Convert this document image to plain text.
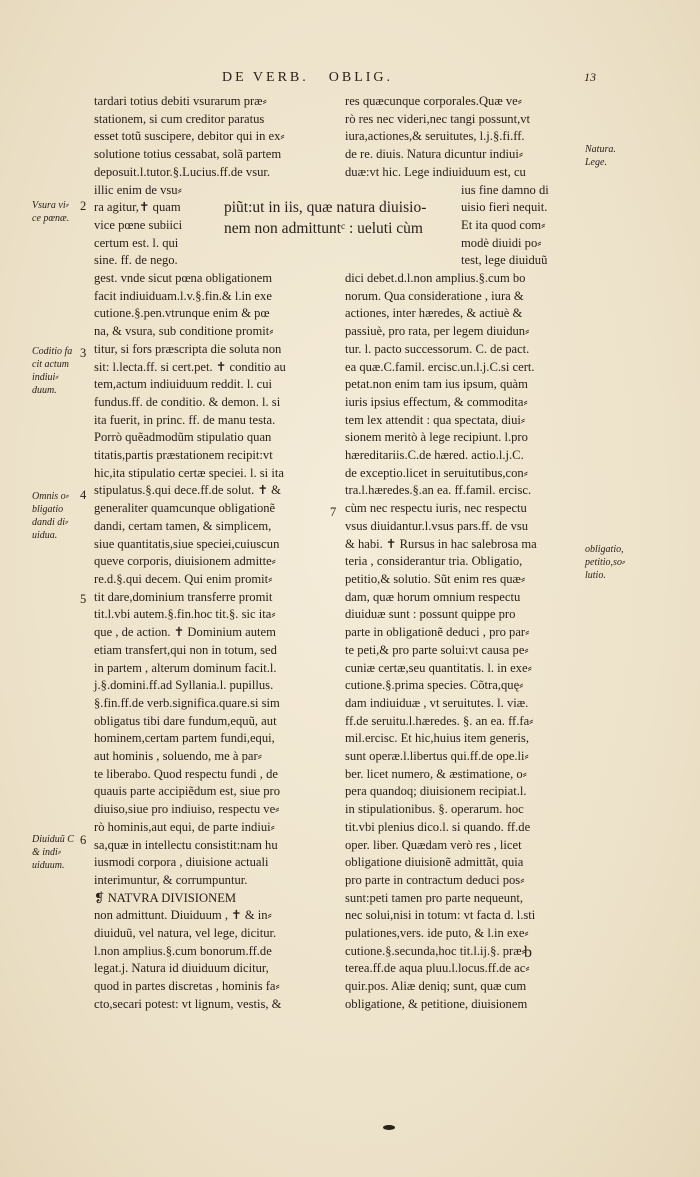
DE VERB. OBLIG.	13
tardari totius debiti vsurarum præ⸗
stationem, si cum creditor paratus
esset totũ suscipere, debitor qui in ex⸗
solutione totius cessabat, solã partem
deposuit.l.tutor.§.Lucius.ff.de vsur.
illic enim de vsu⸗
ra agitur,✝ quam
vice pœne subiici
certum est. l. qui
sine. ff. de nego.
gest. vnde sicut pœna obligationem
facit indiuiduam.l.v.§.fin.& l.in exe
cutione.§.pen.vtrunque enim & pœ
na, & vsura, sub conditione promit⸗
titur, si fors præscripta die soluta non
sit: l.lecta.ff. si cert.pet. ✝ conditio au
tem,actum indiuiduum reddit. l. cui
fundus.ff. de conditio. & demon. l. si
ita fuerit, in princ. ff. de manu testa.
Porrò quẽadmodũm stipulatio quan
titatis,partis præstationem recipit:vt
hic,ita stipulatio certæ speciei. l. si ita
stipulatus.§.qui dece.ff.de solut. ✝ &
generaliter quamcunque obligationẽ
dandi, certam tamen, & simplicem,
siue quantitatis,siue speciei,cuiuscun
queve corporis, diuisionem admitte⸗
re.d.§.qui decem. Qui enim promit⸗
tit dare,dominium transferre promit
tit.l.vbi autem.§.fin.hoc tit.§. sic ita⸗
que , de action. ✝ Dominium autem
etiam transfert,qui non in totum, sed
in partem , alterum dominum facit.l.
j.§.domini.ff.ad Syllania.l. pupillus.
§.fin.ff.de verb.significa.quare.si sim
obligatus tibi dare fundum,equũ, aut
hominem,certam partem fundi,equi,
aut hominis , soluendo, me à par⸗
te liberabo. Quod respectu fundi , de
quauis parte accipiẽdum est, siue pro
diuiso,siue pro indiuiso, respectu ve⸗
rò hominis,aut equi, de parte indiui⸗
sa,quæ in intellectu consistit:nam hu
iusmodi corpora , diuisione actuali
interimuntur, & corrumpuntur.
❡ NATVRA DIVISIONEM
non admittunt. Diuiduum , ✝ & in⸗
diuiduũ, vel natura, vel lege, dicitur.
l.non amplius.§.cum bonorum.ff.de
legat.j. Natura id diuiduum dicitur,
quod in partes discretas , hominis fa⸗
cto,secari potest: vt lignum, vestis, &
res quæcunque corporales.Quæ ve⸗
rò res nec videri,nec tangi possunt,vt
iura,actiones,& seruitutes, l.j.§.fi.ff.
de re. diuis. Natura dicuntur indiui⸗
duæ:vt hic. Lege indiuiduum est, cu
ius fine damno di
uisio fieri nequit.
Et ita quod com⸗
modè diuidi po⸗
test, lege diuiduũ
dici debet.d.l.non amplius.§.cum bo
norum. Qua consideratione , iura &
actiones, inter hæredes, & actiuè &
passiuè, pro rata, per legem diuidun⸗
tur. l. pacto successorum. C. de pact.
ea quæ.C.famil. ercisc.un.l.j.C.si cert.
petat.non enim tam ius ipsum, quàm
iuris ipsius effectum, & commodita⸗
tem lex attendit : qua spectata, diui⸗
sionem meritò à lege recipiunt. l.pro
hæreditariis.C.de hæred. actio.l.j.C.
de exceptio.licet in seruitutibus,con⸗
tra.l.hæredes.§.an ea. ff.famil. ercisc.
cùm nec respectu iuris, nec respectu
vsus diuidantur.l.vsus pars.ff. de vsu
& habi. ✝ Rursus in hac salebrosa ma
teria , considerantur tria. Obligatio,
petitio,& solutio. Sũt enim res quæ⸗
dam, quæ horum omnium respectu
diuiduæ sunt : possunt quippe pro
parte in obligationẽ deduci , pro par⸗
te peti,& pro parte solui:vt causa pe⸗
cuniæ certæ,seu quantitatis. l. in exe⸗
cutione.§.prima species. Cõtra,quę⸗
dam indiuiduæ , vt seruitutes. l. viæ.
ff.de seruitu.l.hæredes. §. an ea. ff.fa⸗
mil.ercisc. Et hic,huius item generis,
sunt operæ.l.libertus qui.ff.de ope.li⸗
ber. licet numero, & æstimatione, o⸗
pera quandoq; diuisionem recipiat.l.
in stipulationibus. §. operarum. hoc
tit.vbi plenius dico.l. si quando. ff.de
oper. liber. Quædam verò res , licet
obligatione diuisionẽ admittãt, quia
pro parte in contractum deduci pos⸗
sunt:peti tamen pro parte nequeunt,
nec solui,nisi in totum: vt facta d. l.sti
pulationes,vers. ide puto, & l.in exe⸗
cutione.§.secunda,hoc tit.l.ij.§. præ⸗
terea.ff.de aqua pluu.l.locus.ff.de ac⸗
quir.pos. Aliæ deniq; sunt, quæ cum
obligatione, & petitione, diuisionem
piũt:ut in iis, quæ natura diuisio-
nem non admittuntᶜ : ueluti cùm
Vsura vi⸗
ce pœnæ.
2
Coditio fa
cit actum
indiui⸗
duum.
3
Omnis o⸗
bligatio
dandi di⸗
uidua.
4
5
Diuiduũ C
& indi⸗
uiduum.
6
Natura.
Lege.
obligatio,
petitio,so⸗
lutio.
7
b
